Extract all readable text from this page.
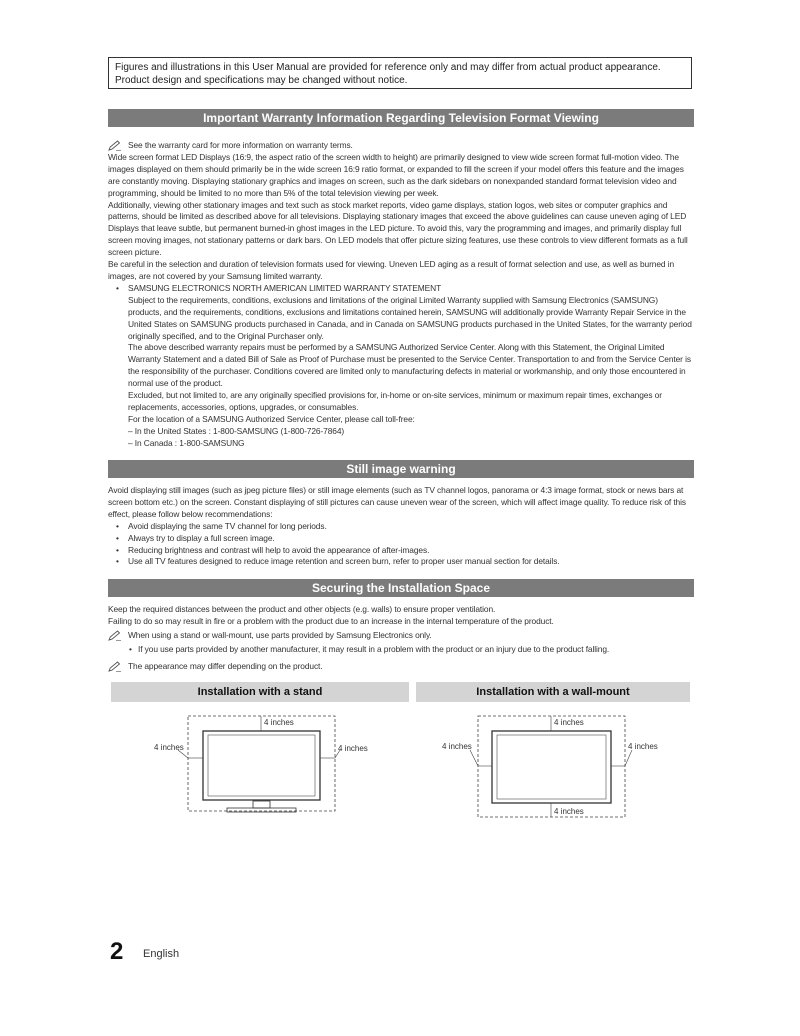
Figures and illustrations in this User Manual are provided for reference only and may differ from actual product appearance.
Product design and specifications may be changed without notice.
Important Warranty Information Regarding Television Format Viewing
See the warranty card for more information on warranty terms.

Wide screen format LED Displays (16:9, the aspect ratio of the screen width to height) are primarily designed to view wide screen format full-motion video. The images displayed on them should primarily be in the wide screen 16:9 ratio format, or expanded to fill the screen if your model offers this feature and the images are constantly moving. Displaying stationary graphics and images on screen, such as the dark sidebars on nonexpanded standard format television video and programming, should be limited to no more than 5% of the total television viewing per week.

Additionally, viewing other stationary images and text such as stock market reports, video game displays, station logos, web sites or computer graphics and patterns, should be limited as described above for all televisions. Displaying stationary images that exceed the above guidelines can cause uneven aging of LED Displays that leave subtle, but permanent burned-in ghost images in the LED picture. To avoid this, vary the programming and images, and primarily display full screen moving images, not stationary patterns or dark bars. On LED models that offer picture sizing features, use these controls to view different formats as a full screen picture.

Be careful in the selection and duration of television formats used for viewing. Uneven LED aging as a result of format selection and use, as well as burned in images, are not covered by your Samsung limited warranty.

• SAMSUNG ELECTRONICS NORTH AMERICAN LIMITED WARRANTY STATEMENT

Subject to the requirements, conditions, exclusions and limitations of the original Limited Warranty supplied with Samsung Electronics (SAMSUNG) products, and the requirements, conditions, exclusions and limitations contained herein, SAMSUNG will additionally provide Warranty Repair Service in the United States on SAMSUNG products purchased in Canada, and in Canada on SAMSUNG products purchased in the United States, for the warranty period originally specified, and to the Original Purchaser only.

The above described warranty repairs must be performed by a SAMSUNG Authorized Service Center. Along with this Statement, the Original Limited Warranty Statement and a dated Bill of Sale as Proof of Purchase must be presented to the Service Center. Transportation to and from the Service Center is the responsibility of the purchaser. Conditions covered are limited only to manufacturing defects in material or workmanship, and only those encountered in normal use of the product.

Excluded, but not limited to, are any originally specified provisions for, in-home or on-site services, minimum or maximum repair times, exchanges or replacements, accessories, options, upgrades, or consumables.

For the location of a SAMSUNG Authorized Service Center, please call toll-free:

– In the United States : 1-800-SAMSUNG (1-800-726-7864)

– In Canada : 1-800-SAMSUNG

Still image warning

Avoid displaying still images (such as jpeg picture files) or still image elements (such as TV channel logos, panorama or 4:3 image format, stock or news bars at screen bottom etc.) on the screen. Constant displaying of still pictures can cause uneven wear of the screen, which will affect image quality. To reduce risk of this effect, please follow below recommendations:

• Avoid displaying the same TV channel for long periods.
• Always try to display a full screen image.
• Reducing brightness and contrast will help to avoid the appearance of after-images.
• Use all TV features designed to reduce image retention and screen burn, refer to proper user manual section for details.
Securing the Installation Space

Keep the required distances between the product and other objects (e.g. walls) to ensure proper ventilation.

Failing to do so may result in fire or a problem with the product due to an increase in the internal temperature of the product.

When using a stand or wall-mount, use parts provided by Samsung Electronics only.
• If you use parts provided by another manufacturer, it may result in a problem with the product or an injury due to the product falling.
The appearance may differ depending on the product.
Installation with a stand	Installation with a wall-mount
4 inches
4 inches	4 inches
4 inches
4 inches	4 inches
4 inches
2 English
